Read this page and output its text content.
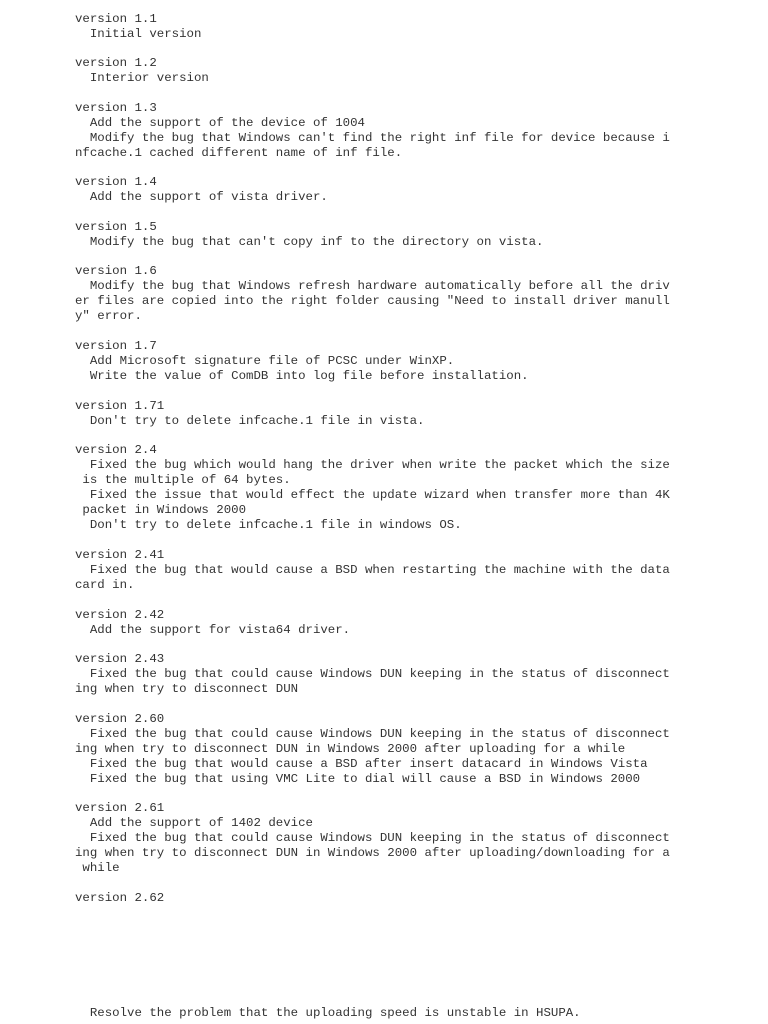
version 1.1
Initial version
version 1.2
Interior version
version 1.3
Add the support of the device of 1004
Modify the bug that Windows can't find the right inf file for device because i
nfcache.1 cached different name of inf file.
version 1.4
Add the support of vista driver.
version 1.5
Modify the bug that can't copy inf to the directory on vista.
version 1.6
Modify the bug that Windows refresh hardware automatically before all the driv
er files are copied into the right folder causing "Need to install driver manull
y" error.
version 1.7
Add Microsoft signature file of PCSC under WinXP.
Write the value of ComDB into log file before installation.
version 1.71
Don't try to delete infcache.1 file in vista.
version 2.4
Fixed the bug which would hang the driver when write the packet which the size
is the multiple of 64 bytes.
Fixed the issue that would effect the update wizard when transfer more than 4K
packet in Windows 2000
Don't try to delete infcache.1 file in windows OS.
version 2.41
Fixed the bug that would cause a BSD when restarting the machine with the data
card in.
version 2.42
Add the support for vista64 driver.
version 2.43
Fixed the bug that could cause Windows DUN keeping in the status of disconnect
ing when try to disconnect DUN
version 2.60
Fixed the bug that could cause Windows DUN keeping in the status of disconnect
ing when try to disconnect DUN in Windows 2000 after uploading for a while
Fixed the bug that would cause a BSD after insert datacard in Windows Vista
Fixed the bug that using VMC Lite to dial will cause a BSD in Windows 2000
version 2.61
Add the support of 1402 device
Fixed the bug that could cause Windows DUN keeping in the status of disconnect
ing when try to disconnect DUN in Windows 2000 after uploading/downloading for a
while
version 2.62
Resolve the problem that the uploading speed is unstable in HSUPA.
